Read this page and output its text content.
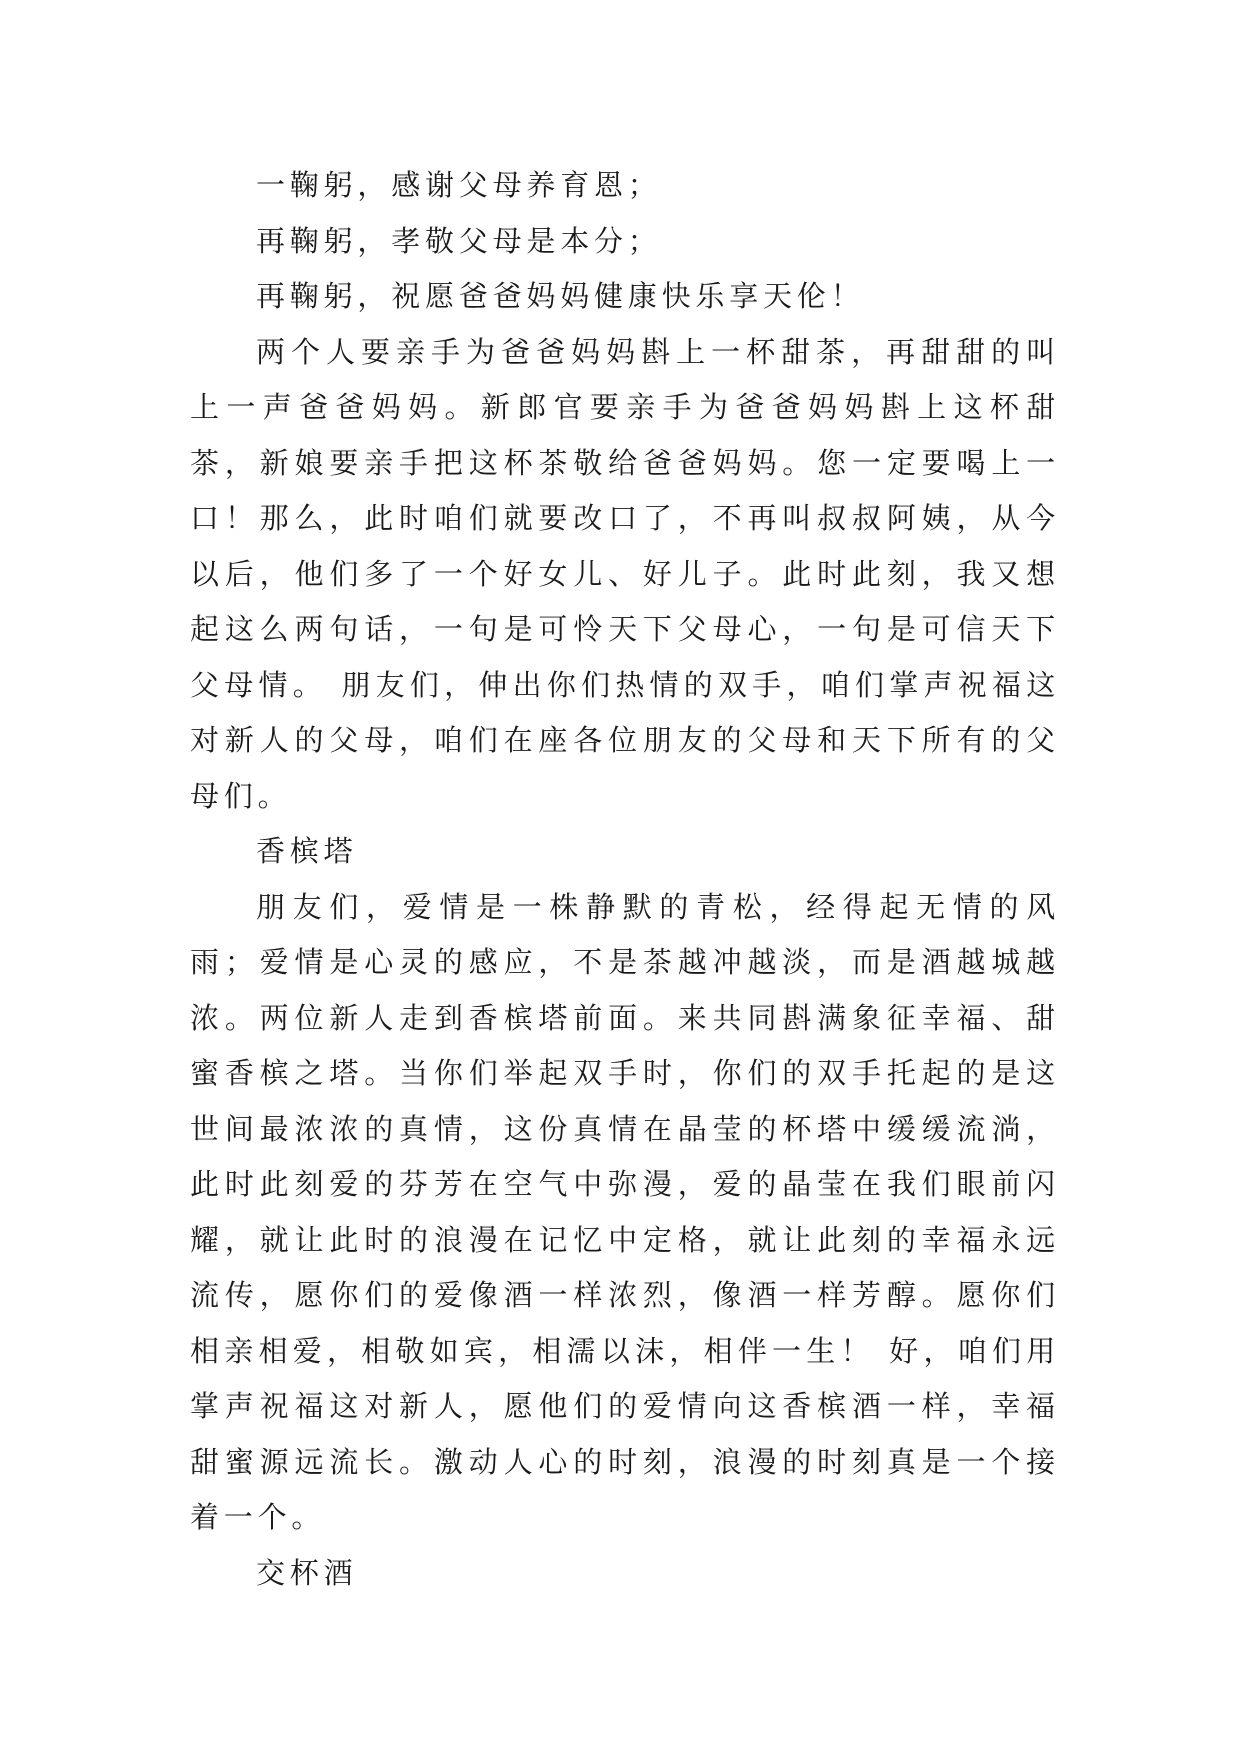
一鞠躬，感谢父母养育恩；

再鞠躬，孝敬父母是本分；

再鞠躬，祝愿爸爸妈妈健康快乐享天伦！

两个人要亲手为爸爸妈妈斟上一杯甜茶，再甜甜的叫上一声爸爸妈妈。新郎官要亲手为爸爸妈妈斟上这杯甜茶，新娘要亲手把这杯茶敬给爸爸妈妈。您一定要喝上一口！那么，此时咱们就要改口了，不再叫叔叔阿姨，从今以后，他们多了一个好女儿、好儿子。此时此刻，我又想起这么两句话，一句是可怜天下父母心，一句是可信天下父母情。 朋友们，伸出你们热情的双手，咱们掌声祝福这对新人的父母，咱们在座各位朋友的父母和天下所有的父母们。

香槟塔

朋友们，爱情是一株静默的青松，经得起无情的风雨；爱情是心灵的感应，不是茶越冲越淡，而是酒越城越浓。两位新人走到香槟塔前面。来共同斟满象征幸福、甜蜜香槟之塔。当你们举起双手时，你们的双手托起的是这世间最浓浓的真情，这份真情在晶莹的杯塔中缓缓流淌，此时此刻爱的芬芳在空气中弥漫，爱的晶莹在我们眼前闪耀，就让此时的浪漫在记忆中定格，就让此刻的幸福永远流传，愿你们的爱像酒一样浓烈，像酒一样芳醇。愿你们相亲相爱，相敬如宾，相濡以沫，相伴一生！ 好，咱们用掌声祝福这对新人，愿他们的爱情向这香槟酒一样，幸福甜蜜源远流长。激动人心的时刻，浪漫的时刻真是一个接着一个。

交杯酒
